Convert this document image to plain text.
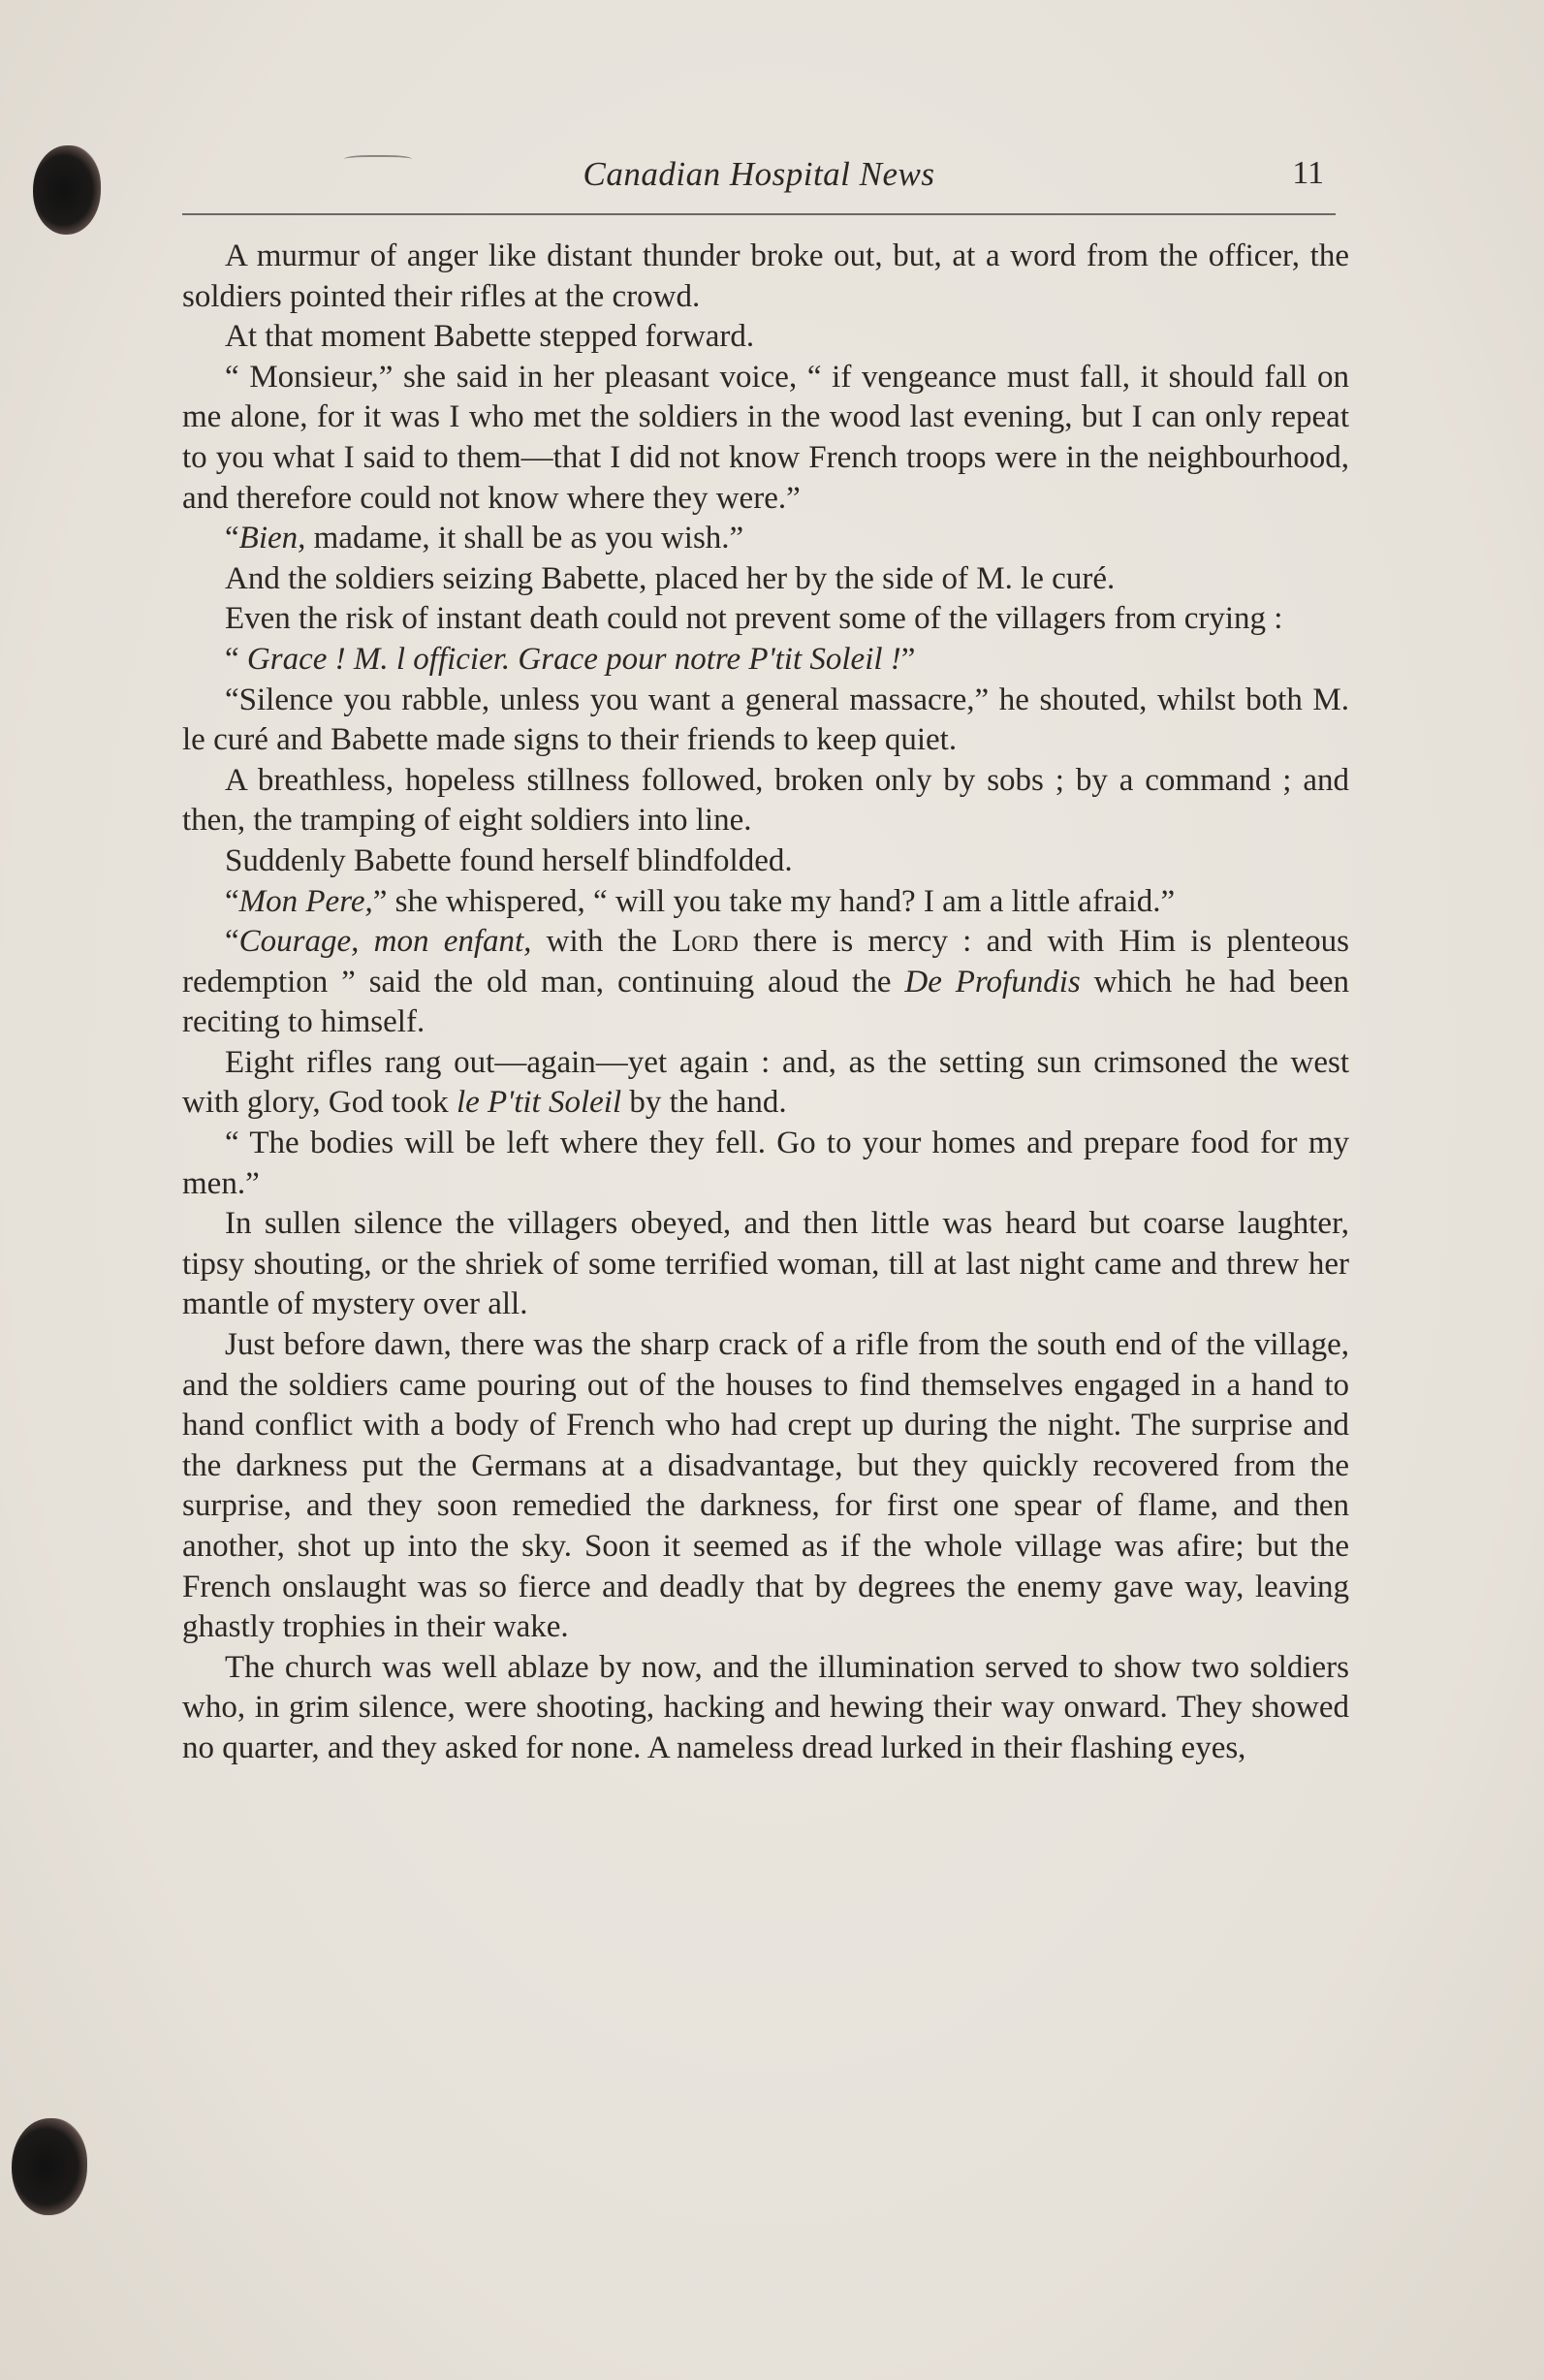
Canadian Hospital News	11

A murmur of anger like distant thunder broke out, but, at a word from the officer, the soldiers pointed their rifles at the crowd.

At that moment Babette stepped forward.

“ Monsieur,” she said in her pleasant voice, “ if vengeance must fall, it should fall on me alone, for it was I who met the soldiers in the wood last evening, but I can only repeat to you what I said to them—that I did not know French troops were in the neighbourhood, and therefore could not know where they were.”

“Bien, madame, it shall be as you wish.”

And the soldiers seizing Babette, placed her by the side of M. le curé.

Even the risk of instant death could not prevent some of the villagers from crying :

“ Grace ! M. l officier. Grace pour notre P'tit Soleil !”

“Silence you rabble, unless you want a general massacre,” he shouted, whilst both M. le curé and Babette made signs to their friends to keep quiet.

A breathless, hopeless stillness followed, broken only by sobs ; by a command ; and then, the tramping of eight soldiers into line.

Suddenly Babette found herself blindfolded.

“Mon Pere,” she whispered, “ will you take my hand? I am a little afraid.”

“Courage, mon enfant, with the Lord there is mercy : and with Him is plenteous redemption ” said the old man, continuing aloud the De Profundis which he had been reciting to himself.

Eight rifles rang out—again—yet again : and, as the setting sun crimsoned the west with glory, God took le P'tit Soleil by the hand.

“ The bodies will be left where they fell. Go to your homes and prepare food for my men.”

In sullen silence the villagers obeyed, and then little was heard but coarse laughter, tipsy shouting, or the shriek of some terrified woman, till at last night came and threw her mantle of mystery over all.

Just before dawn, there was the sharp crack of a rifle from the south end of the village, and the soldiers came pouring out of the houses to find themselves engaged in a hand to hand conflict with a body of French who had crept up during the night. The surprise and the darkness put the Germans at a disadvantage, but they quickly recovered from the surprise, and they soon remedied the darkness, for first one spear of flame, and then another, shot up into the sky. Soon it seemed as if the whole village was afire; but the French onslaught was so fierce and deadly that by degrees the enemy gave way, leaving ghastly trophies in their wake.

The church was well ablaze by now, and the illumination served to show two soldiers who, in grim silence, were shooting, hacking and hewing their way onward. They showed no quarter, and they asked for none. A nameless dread lurked in their flashing eyes,
